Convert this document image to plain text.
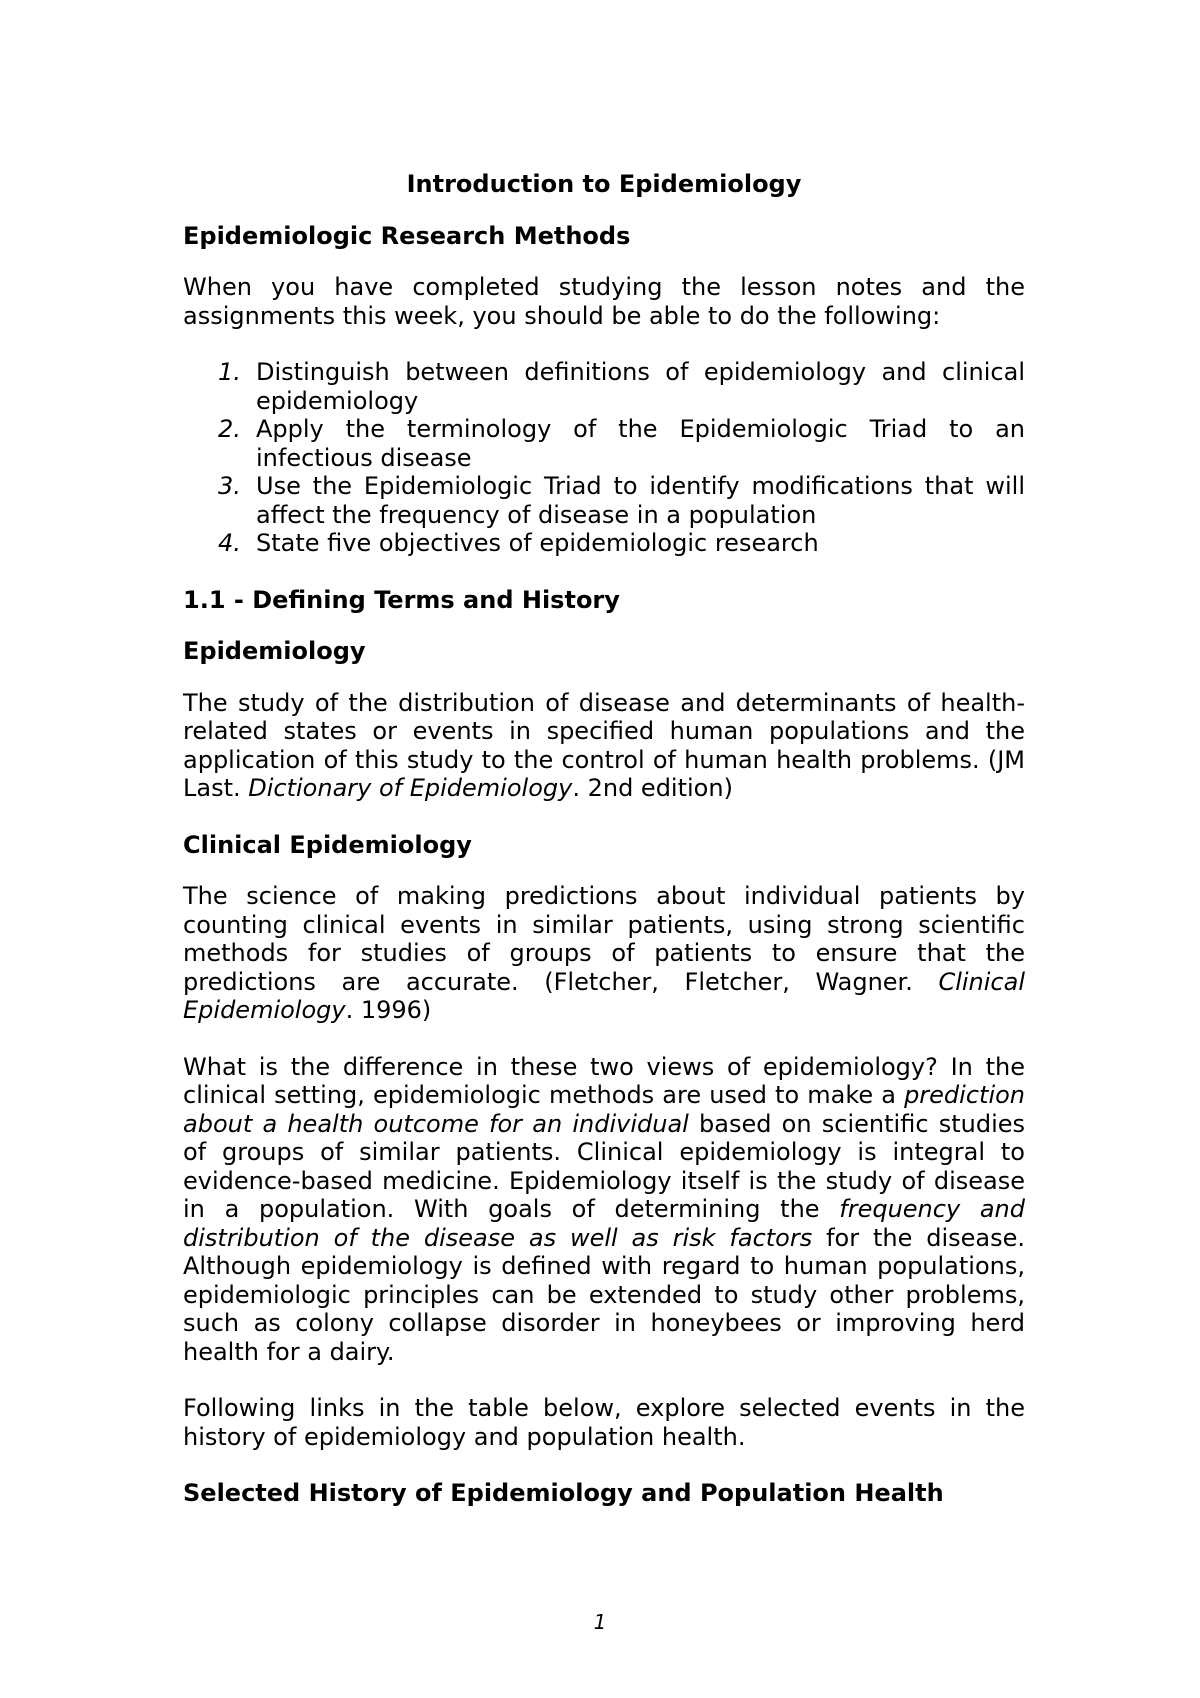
Introduction to Epidemiology
Epidemiologic Research Methods

When you have completed studying the lesson notes and the assignments this week, you should be able to do the following:

1. Distinguish between definitions of epidemiology and clinical epidemiology
2. Apply the terminology of the Epidemiologic Triad to an infectious disease
3. Use the Epidemiologic Triad to identify modifications that will affect the frequency of disease in a population
4. State five objectives of epidemiologic research
1.1 - Defining Terms and History
Epidemiology

The study of the distribution of disease and determinants of health-related states or events in specified human populations and the application of this study to the control of human health problems. (JM Last. Dictionary of Epidemiology. 2nd edition)

Clinical Epidemiology

The science of making predictions about individual patients by counting clinical events in similar patients, using strong scientific methods for studies of groups of patients to ensure that the predictions are accurate. (Fletcher, Fletcher, Wagner. Clinical Epidemiology. 1996)

What is the difference in these two views of epidemiology? In the clinical setting, epidemiologic methods are used to make a prediction about a health outcome for an individual based on scientific studies of groups of similar patients. Clinical epidemiology is integral to evidence-based medicine. Epidemiology itself is the study of disease in a population. With goals of determining the frequency and distribution of the disease as well as risk factors for the disease. Although epidemiology is defined with regard to human populations, epidemiologic principles can be extended to study other problems, such as colony collapse disorder in honeybees or improving herd health for a dairy.

Following links in the table below, explore selected events in the history of epidemiology and population health.

Selected History of Epidemiology and Population Health
1
